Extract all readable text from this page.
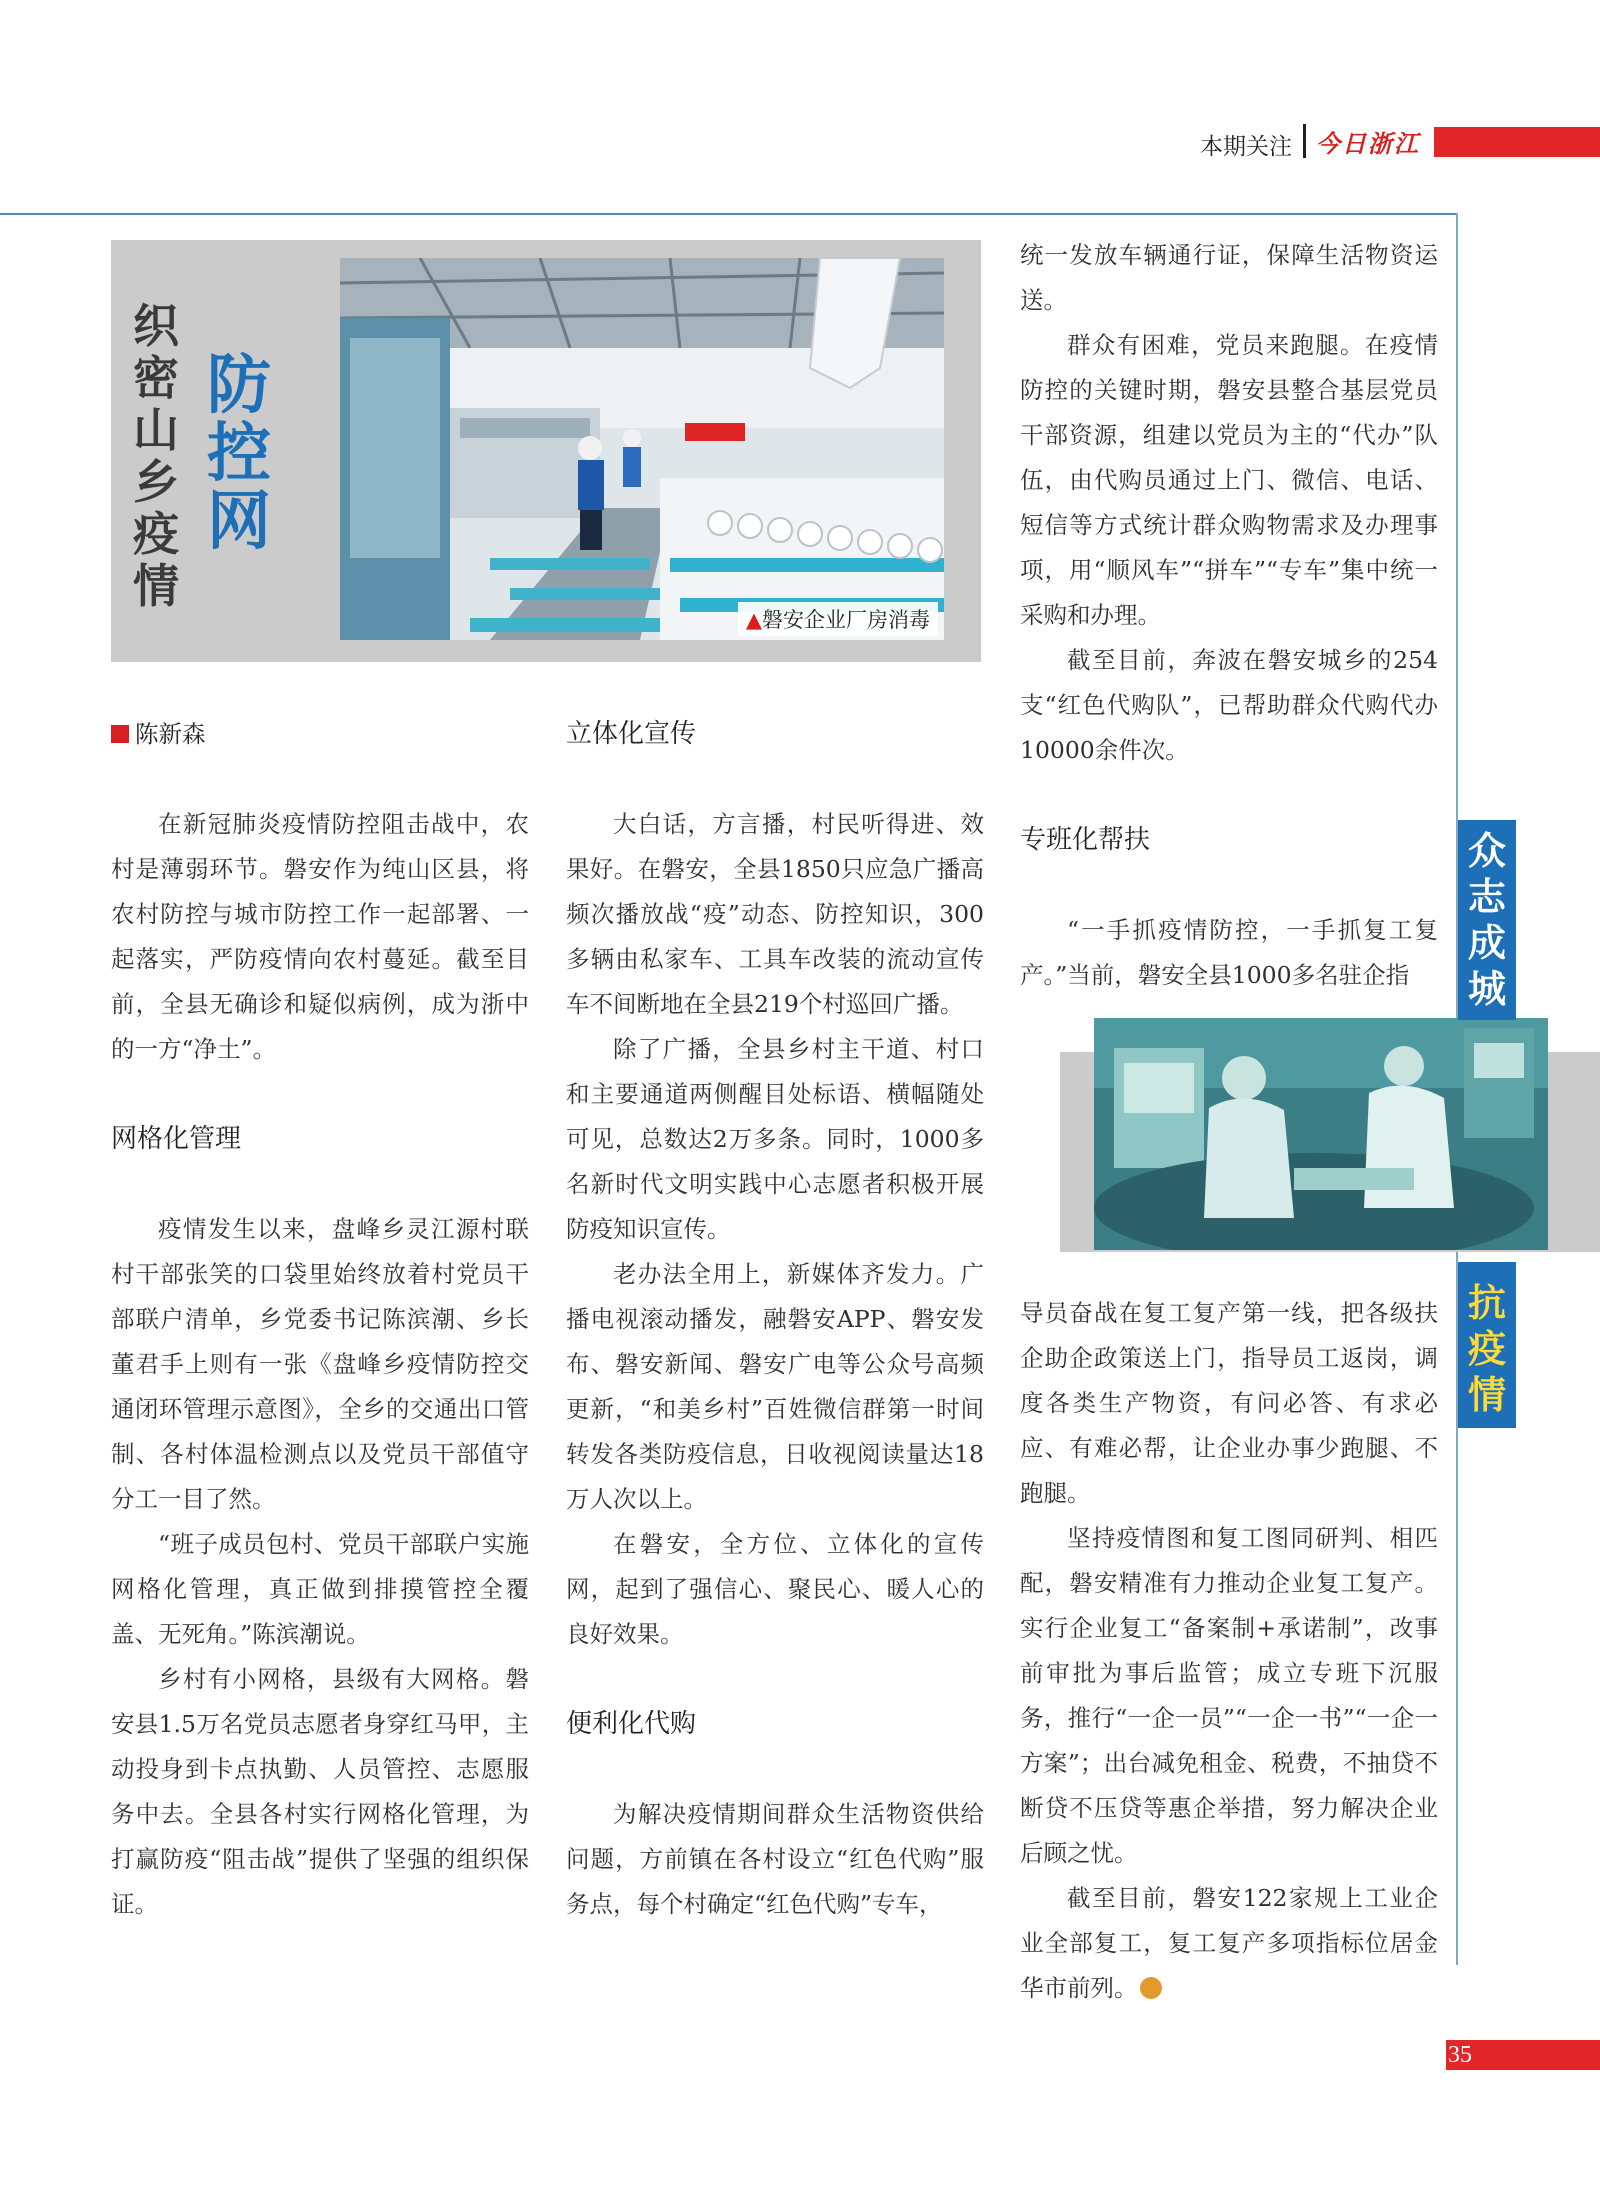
本期关注 今日浙江
织密山乡疫情
防控网
▲磐安企业厂房消毒
陈新森

在新冠肺炎疫情防控阻击战中，农村是薄弱环节。磐安作为纯山区县，将农村防控与城市防控工作一起部署、一起落实，严防疫情向农村蔓延。截至目前，全县无确诊和疑似病例，成为浙中的一方“净土”。

网格化管理

疫情发生以来，盘峰乡灵江源村联村干部张笑的口袋里始终放着村党员干部联户清单，乡党委书记陈滨潮、乡长董君手上则有一张《盘峰乡疫情防控交通闭环管理示意图》，全乡的交通出口管制、各村体温检测点以及党员干部值守分工一目了然。

“班子成员包村、党员干部联户实施网格化管理，真正做到排摸管控全覆盖、无死角。”陈滨潮说。

乡村有小网格，县级有大网格。磐安县1.5万名党员志愿者身穿红马甲，主动投身到卡点执勤、人员管控、志愿服务中去。全县各村实行网格化管理，为打赢防疫“阻击战”提供了坚强的组织保证。

立体化宣传

大白话，方言播，村民听得进、效果好。在磐安，全县1850只应急广播高频次播放战“疫”动态、防控知识，300多辆由私家车、工具车改装的流动宣传车不间断地在全县219个村巡回广播。

除了广播，全县乡村主干道、村口和主要通道两侧醒目处标语、横幅随处可见，总数达2万多条。同时，1000多名新时代文明实践中心志愿者积极开展防疫知识宣传。

老办法全用上，新媒体齐发力。广播电视滚动播发，融磐安APP、磐安发布、磐安新闻、磐安广电等公众号高频更新，“和美乡村”百姓微信群第一时间转发各类防疫信息，日收视阅读量达18万人次以上。

在磐安，全方位、立体化的宣传网，起到了强信心、聚民心、暖人心的良好效果。

便利化代购

为解决疫情期间群众生活物资供给问题，方前镇在各村设立“红色代购”服务点，每个村确定“红色代购”专车，

统一发放车辆通行证，保障生活物资运送。

群众有困难，党员来跑腿。在疫情防控的关键时期，磐安县整合基层党员干部资源，组建以党员为主的“代办”队伍，由代购员通过上门、微信、电话、短信等方式统计群众购物需求及办理事项，用“顺风车”“拼车”“专车”集中统一采购和办理。

截至目前，奔波在磐安城乡的254支“红色代购队”，已帮助群众代购代办10000余件次。

专班化帮扶

“一手抓疫情防控，一手抓复工复产。”当前，磐安全县1000多名驻企指

导员奋战在复工复产第一线，把各级扶企助企政策送上门，指导员工返岗，调度各类生产物资，有问必答、有求必应、有难必帮，让企业办事少跑腿、不跑腿。

坚持疫情图和复工图同研判、相匹配，磐安精准有力推动企业复工复产。实行企业复工“备案制+承诺制”，改事前审批为事后监管；成立专班下沉服务，推行“一企一员”“一企一书”“一企一方案”；出台减免租金、税费，不抽贷不断贷不压贷等惠企举措，努力解决企业后顾之忧。

截至目前，磐安122家规上工业企业全部复工，复工复产多项指标位居金华市前列。

众志成城
抗疫情
35
